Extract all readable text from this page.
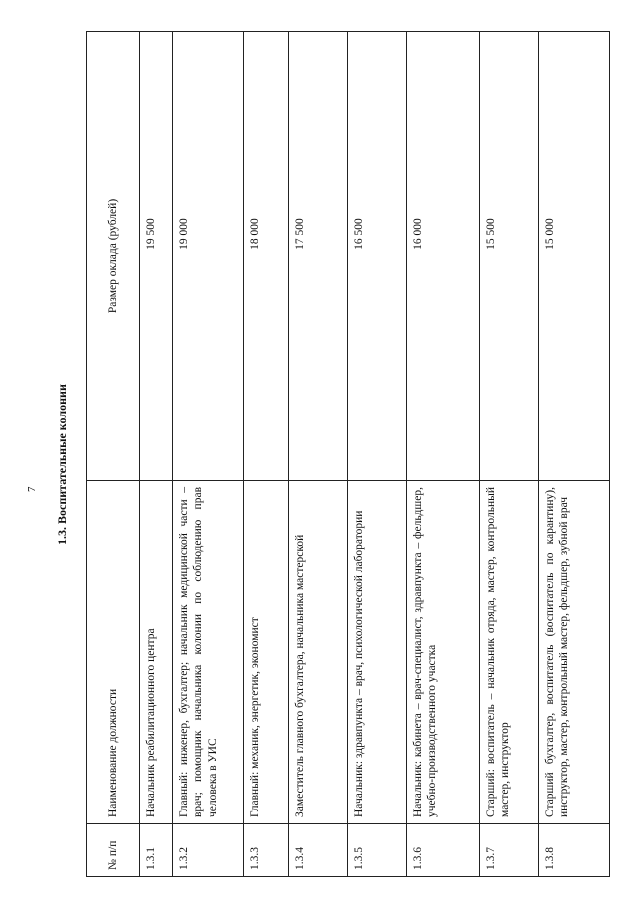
7 1.3. Воспитательные колонии
№ п/п	Наименование должности	Размер оклада (рублей)
1.3.1	Начальник реабилитационного центра	19 500
1.3.2	Главный: инженер, бухгалтер; начальник медицинской части – врач; помощник начальника колонии по соблюдению прав человека в УИС	19 000
1.3.3	Главный: механик, энергетик, экономист	18 000
1.3.4	Заместитель главного бухгалтера, начальника мастерской	17 500
1.3.5	Начальник: здравпункта – врач, психологической лаборатории	16 500
1.3.6	Начальник: кабинета – врач-специалист, здравпункта – фельдшер, учебно-производственного участка	16 000
1.3.7	Старший: воспитатель – начальник отряда, мастер, контрольный мастер, инструктор	15 500
1.3.8	Старший бухгалтер, воспитатель (воспитатель по карантину), инструктор, мастер, контрольный мастер, фельдшер, зубной врач	15 000
